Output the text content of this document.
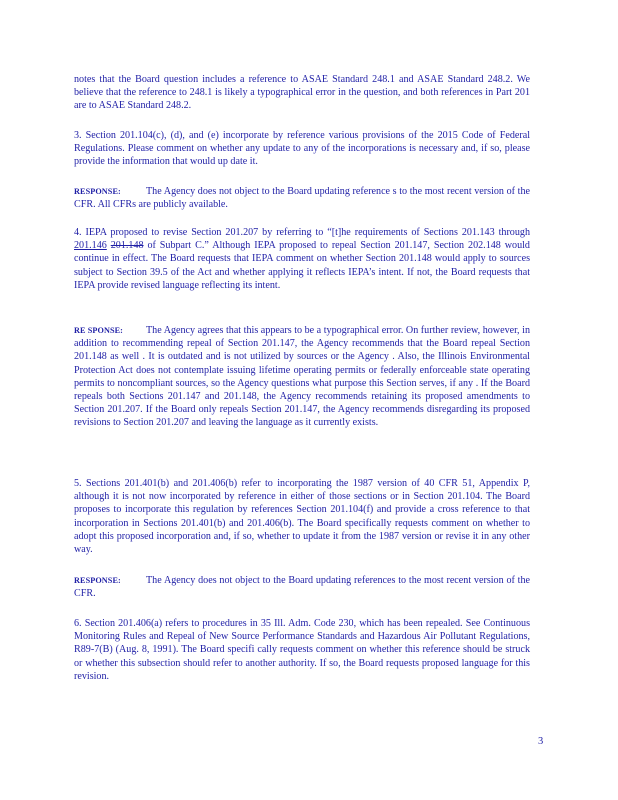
notes that the Board question includes a reference to ASAE Standard 248.1 and ASAE Standard 248.2. We believe that the reference to 248.1 is likely a typographical error in the question, and both references in Part 201 are to ASAE Standard 248.2.

3. Section 201.104(c), (d), and (e) incorporate by reference various provisions of the 2015 Code of Federal Regulations. Please comment on whether any update to any of the incorporations is necessary and, if so, please provide the information that would up date it.

RESPONSE: The Agency does not object to the Board updating reference s to the most recent version of the CFR. All CFRs are publicly available.

4. IEPA proposed to revise Section 201.207 by referring to “[t]he requirements of Sections 201.143 through 201.146 201.148 of Subpart C.” Although IEPA proposed to repeal Section 201.147, Section 202.148 would continue in effect. The Board requests that IEPA comment on whether Section 201.148 would apply to sources subject to Section 39.5 of the Act and whether applying it reflects IEPA’s intent. If not, the Board requests that IEPA provide revised language reflecting its intent.

RE SPONSE: The Agency agrees that this appears to be a typographical error. On further review, however, in addition to recommending repeal of Section 201.147, the Agency recommends that the Board repeal Section 201.148 as well . It is outdated and is not utilized by sources or the Agency . Also, the Illinois Environmental Protection Act does not contemplate issuing lifetime operating permits or federally enforceable state operating permits to noncompliant sources, so the Agency questions what purpose this Section serves, if any . If the Board repeals both Sections 201.147 and 201.148, the Agency recommends retaining its proposed amendments to Section 201.207. If the Board only repeals Section 201.147, the Agency recommends disregarding its proposed revisions to Section 201.207 and leaving the language as it currently exists.

5. Sections 201.401(b) and 201.406(b) refer to incorporating the 1987 version of 40 CFR 51, Appendix P, although it is not now incorporated by reference in either of those sections or in Section 201.104. The Board proposes to incorporate this regulation by references Section 201.104(f) and provide a cross reference to that incorporation in Sections 201.401(b) and 201.406(b). The Board specifically requests comment on whether to adopt this proposed incorporation and, if so, whether to update it from the 1987 version or revise it in any other way.

RESPONSE: The Agency does not object to the Board updating references to the most recent version of the CFR.

6. Section 201.406(a) refers to procedures in 35 Ill. Adm. Code 230, which has been repealed. See Continuous Monitoring Rules and Repeal of New Source Performance Standards and Hazardous Air Pollutant Regulations, R89-7(B) (Aug. 8, 1991). The Board specifi cally requests comment on whether this reference should be struck or whether this subsection should refer to another authority. If so, the Board requests proposed language for this revision.

3
